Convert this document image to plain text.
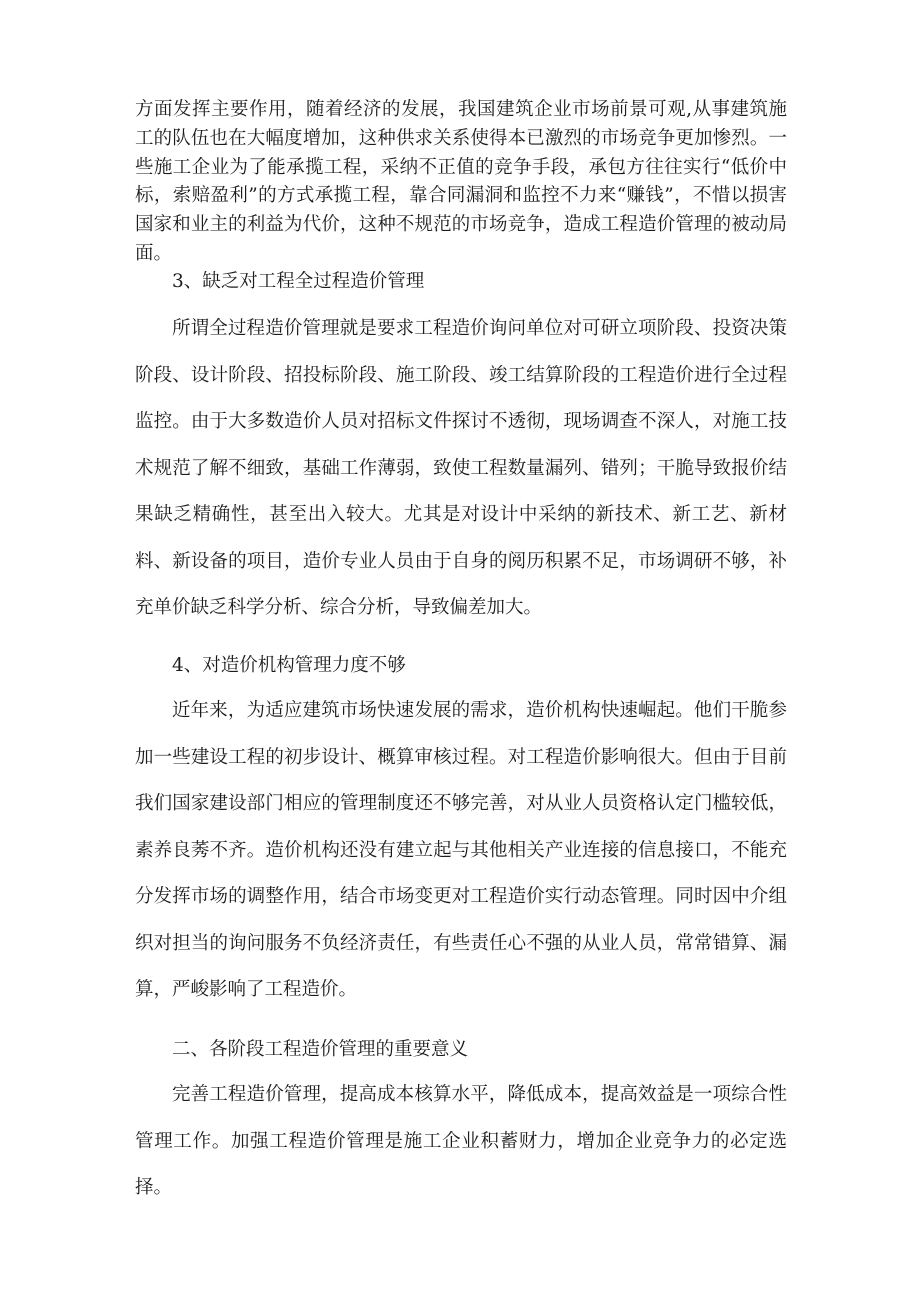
方面发挥主要作用，随着经济的发展，我国建筑企业市场前景可观,从事建筑施工的队伍也在大幅度增加，这种供求关系使得本已激烈的市场竞争更加惨烈。一些施工企业为了能承揽工程，采纳不正值的竞争手段，承包方往往实行“低价中标，索赔盈利”的方式承揽工程，靠合同漏洞和监控不力来“赚钱”，不惜以损害国家和业主的利益为代价，这种不规范的市场竞争，造成工程造价管理的被动局面。

3、缺乏对工程全过程造价管理

所谓全过程造价管理就是要求工程造价询问单位对可研立项阶段、投资决策阶段、设计阶段、招投标阶段、施工阶段、竣工结算阶段的工程造价进行全过程监控。由于大多数造价人员对招标文件探讨不透彻，现场调查不深人，对施工技术规范了解不细致，基础工作薄弱，致使工程数量漏列、错列；干脆导致报价结果缺乏精确性，甚至出入较大。尤其是对设计中采纳的新技术、新工艺、新材料、新设备的项目，造价专业人员由于自身的阅历积累不足，市场调研不够，补充单价缺乏科学分析、综合分析，导致偏差加大。

4、对造价机构管理力度不够

近年来，为适应建筑市场快速发展的需求，造价机构快速崛起。他们干脆参加一些建设工程的初步设计、概算审核过程。对工程造价影响很大。但由于目前我们国家建设部门相应的管理制度还不够完善，对从业人员资格认定门槛较低，素养良莠不齐。造价机构还没有建立起与其他相关产业连接的信息接口，不能充分发挥市场的调整作用，结合市场变更对工程造价实行动态管理。同时因中介组织对担当的询问服务不负经济责任，有些责任心不强的从业人员，常常错算、漏算，严峻影响了工程造价。

二、各阶段工程造价管理的重要意义

完善工程造价管理，提高成本核算水平，降低成本，提高效益是一项综合性管理工作。加强工程造价管理是施工企业积蓄财力，增加企业竞争力的必定选择。
